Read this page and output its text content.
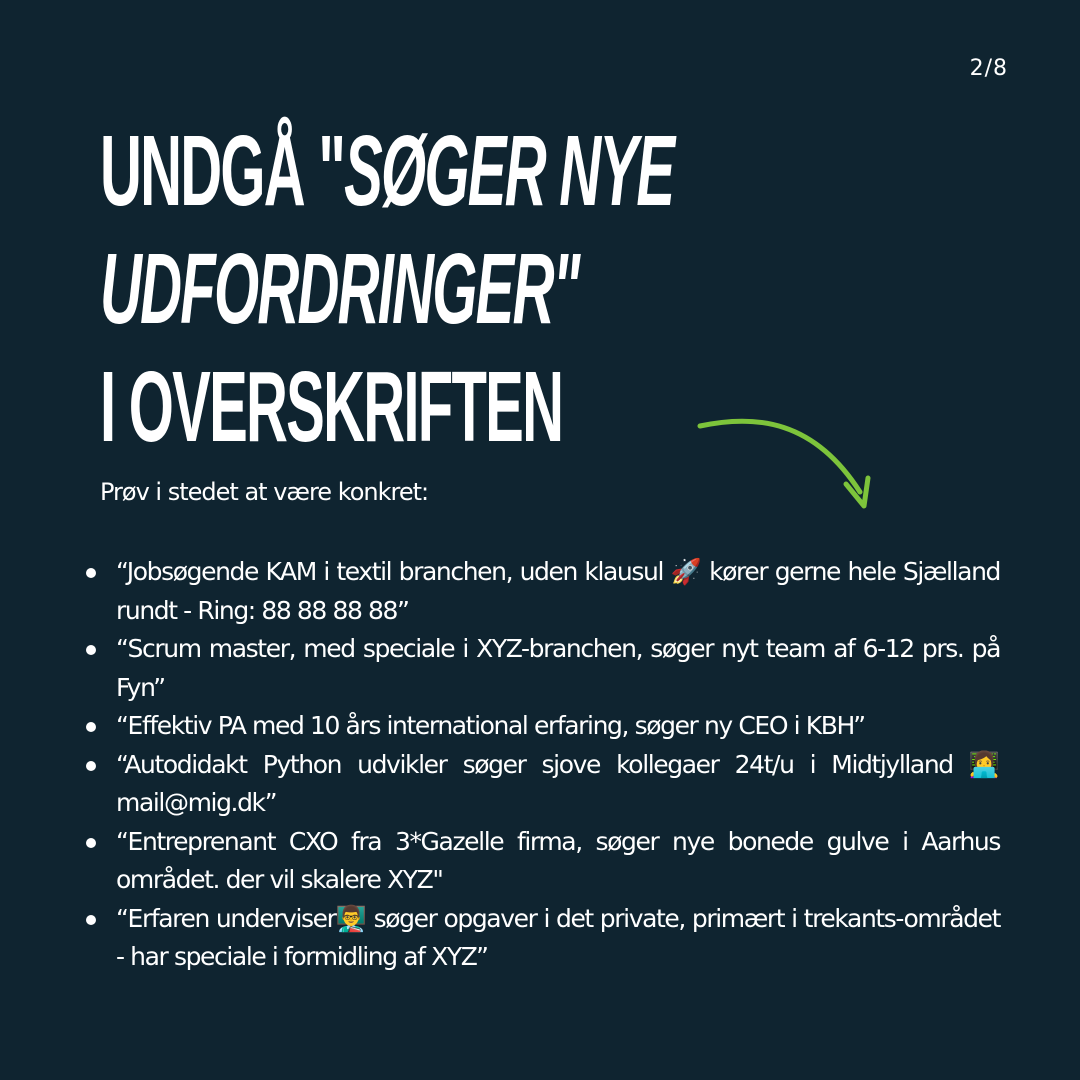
2/8
UNDGÅ "SØGER NYE
UDFORDRINGER"
I OVERSKRIFTEN
Prøv i stedet at være konkret:
“Jobsøgende KAM i textil branchen, uden klausul 🚀 kører gerne hele Sjælland rundt - Ring: 88 88 88 88”
“Scrum master, med speciale i XYZ-branchen, søger nyt team af 6-12 prs. på Fyn”
“Effektiv PA med 10 års international erfaring, søger ny CEO i KBH”
“Autodidakt Python udvikler søger sjove kollegaer 24t/u i Midtjylland 👩‍💻 mail@mig.dk”
“Entreprenant CXO fra 3*Gazelle firma, søger nye bonede gulve i Aarhus området. der vil skalere XYZ"
“Erfaren underviser👨‍🏫 søger opgaver i det private, primært i trekants-området - har speciale i formidling af XYZ”
